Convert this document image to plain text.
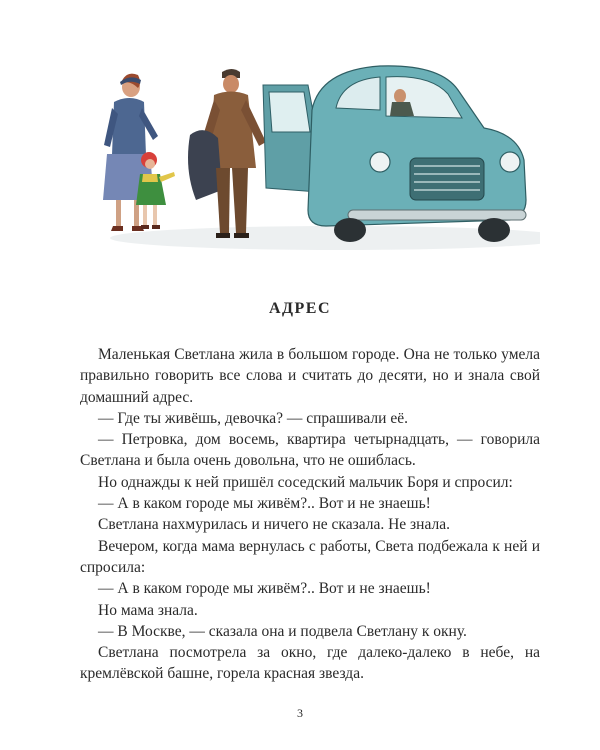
АДРЕС

Маленькая Светлана жила в большом городе. Она не только умела правильно говорить все слова и считать до десяти, но и знала свой домашний адрес.

— Где ты живёшь, девочка? — спрашивали её.

— Петровка, дом восемь, квартира четырнадцать, — говорила Светлана и была очень довольна, что не ошиблась.

Но однажды к ней пришёл соседский мальчик Боря и спросил:

— А в каком городе мы живём?.. Вот и не знаешь!

Светлана нахмурилась и ничего не сказала. Не знала.

Вечером, когда мама вернулась с работы, Света подбежала к ней и спросила:

— А в каком городе мы живём?.. Вот и не знаешь!

Но мама знала.

— В Москве, — сказала она и подвела Светлану к окну.

Светлана посмотрела за окно, где далеко-далеко в небе, на кремлёвской башне, горела красная звезда.

3
